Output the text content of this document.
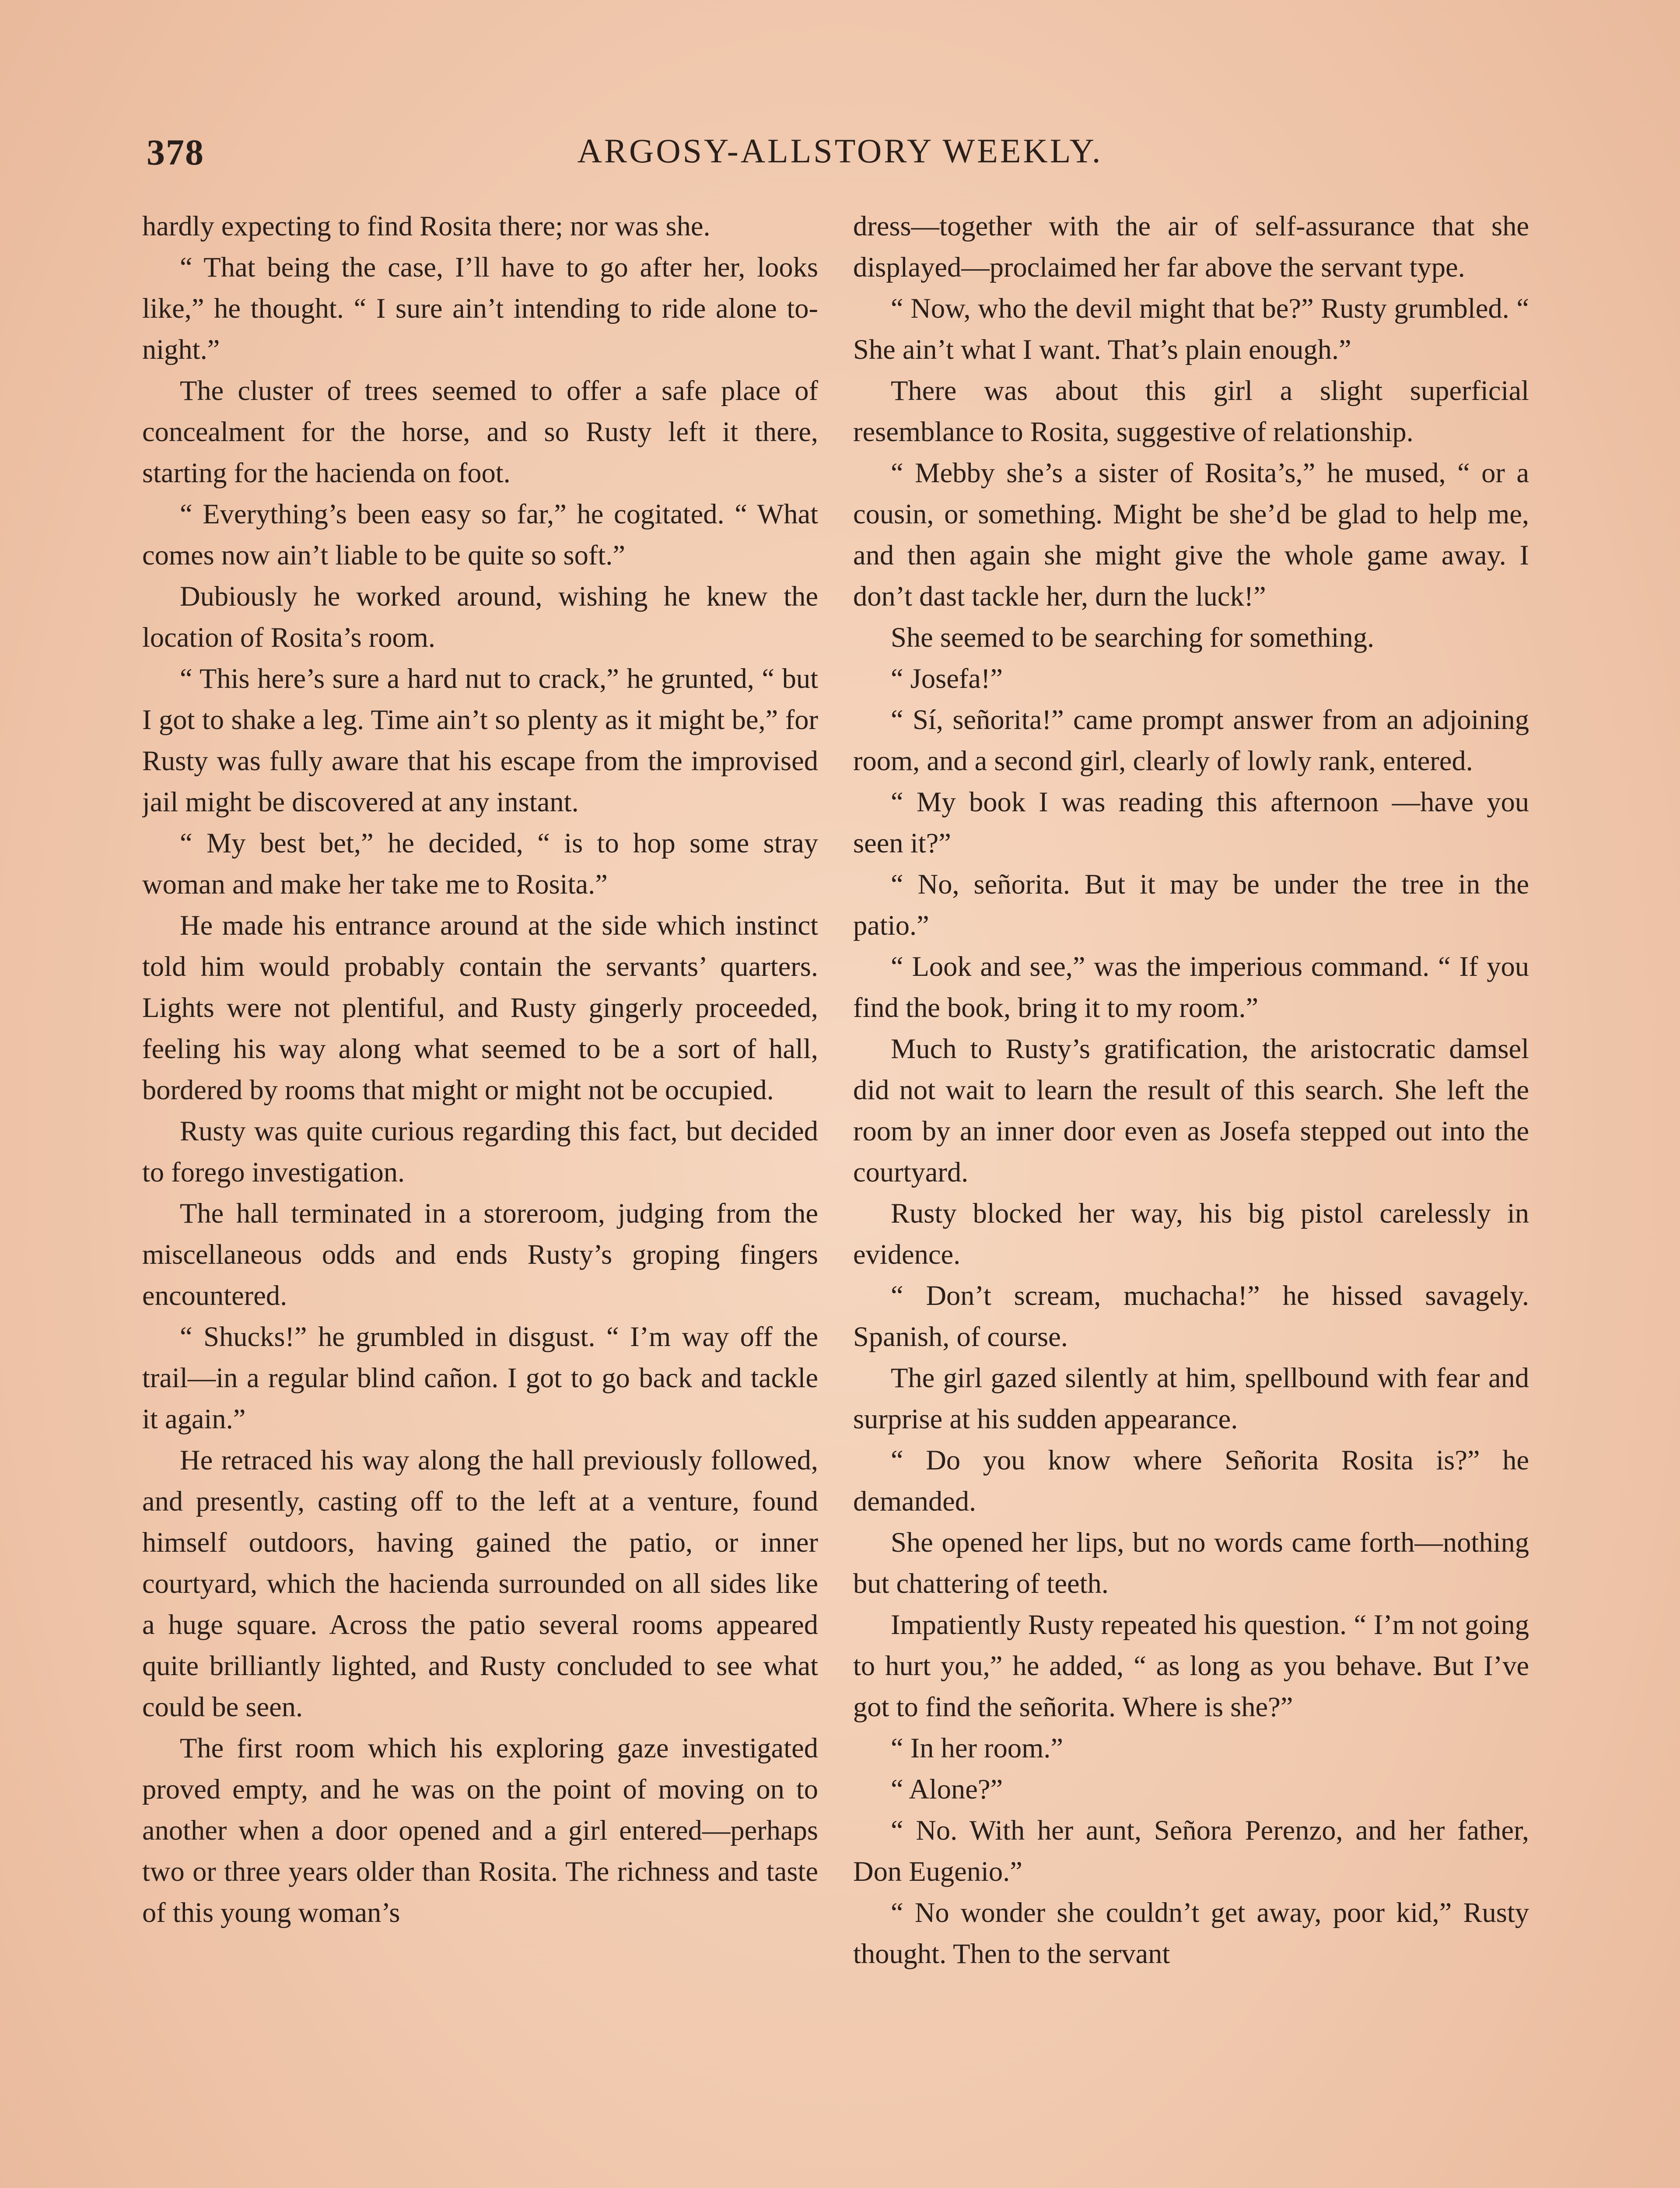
378	ARGOSY-ALLSTORY WEEKLY.

hardly expecting to find Rosita there; nor was she.

“ That being the case, I’ll have to go after her, looks like,” he thought. “ I sure ain’t intending to ride alone to-night.”

The cluster of trees seemed to offer a safe place of concealment for the horse, and so Rusty left it there, starting for the hacienda on foot.

“ Everything’s been easy so far,” he cogitated. “ What comes now ain’t liable to be quite so soft.”

Dubiously he worked around, wishing he knew the location of Rosita’s room.

“ This here’s sure a hard nut to crack,” he grunted, “ but I got to shake a leg. Time ain’t so plenty as it might be,” for Rusty was fully aware that his escape from the improvised jail might be discovered at any instant.

“ My best bet,” he decided, “ is to hop some stray woman and make her take me to Rosita.”

He made his entrance around at the side which instinct told him would probably contain the servants’ quarters. Lights were not plentiful, and Rusty gingerly proceeded, feeling his way along what seemed to be a sort of hall, bordered by rooms that might or might not be occupied.

Rusty was quite curious regarding this fact, but decided to forego investigation.

The hall terminated in a storeroom, judging from the miscellaneous odds and ends Rusty’s groping fingers encountered.

“ Shucks!” he grumbled in disgust. “ I’m way off the trail—in a regular blind cañon. I got to go back and tackle it again.”

He retraced his way along the hall previously followed, and presently, casting off to the left at a venture, found himself outdoors, having gained the patio, or inner courtyard, which the hacienda surrounded on all sides like a huge square. Across the patio several rooms appeared quite brilliantly lighted, and Rusty concluded to see what could be seen.

The first room which his exploring gaze investigated proved empty, and he was on the point of moving on to another when a door opened and a girl entered—perhaps two or three years older than Rosita. The richness and taste of this young woman’s

dress—together with the air of self-assurance that she displayed—proclaimed her far above the servant type.

“ Now, who the devil might that be?” Rusty grumbled. “ She ain’t what I want. That’s plain enough.”

There was about this girl a slight superficial resemblance to Rosita, suggestive of relationship.

“ Mebby she’s a sister of Rosita’s,” he mused, “ or a cousin, or something. Might be she’d be glad to help me, and then again she might give the whole game away. I don’t dast tackle her, durn the luck!”

She seemed to be searching for something.

“ Josefa!”

“ Sí, señorita!” came prompt answer from an adjoining room, and a second girl, clearly of lowly rank, entered.

“ My book I was reading this afternoon —have you seen it?”

“ No, señorita. But it may be under the tree in the patio.”

“ Look and see,” was the imperious command. “ If you find the book, bring it to my room.”

Much to Rusty’s gratification, the aristocratic damsel did not wait to learn the result of this search. She left the room by an inner door even as Josefa stepped out into the courtyard.

Rusty blocked her way, his big pistol carelessly in evidence.

“ Don’t scream, muchacha!” he hissed savagely. Spanish, of course.

The girl gazed silently at him, spellbound with fear and surprise at his sudden appearance.

“ Do you know where Señorita Rosita is?” he demanded.

She opened her lips, but no words came forth—nothing but chattering of teeth.

Impatiently Rusty repeated his question. “ I’m not going to hurt you,” he added, “ as long as you behave. But I’ve got to find the señorita. Where is she?”

“ In her room.”

“ Alone?”

“ No. With her aunt, Señora Perenzo, and her father, Don Eugenio.”

“ No wonder she couldn’t get away, poor kid,” Rusty thought. Then to the servant
